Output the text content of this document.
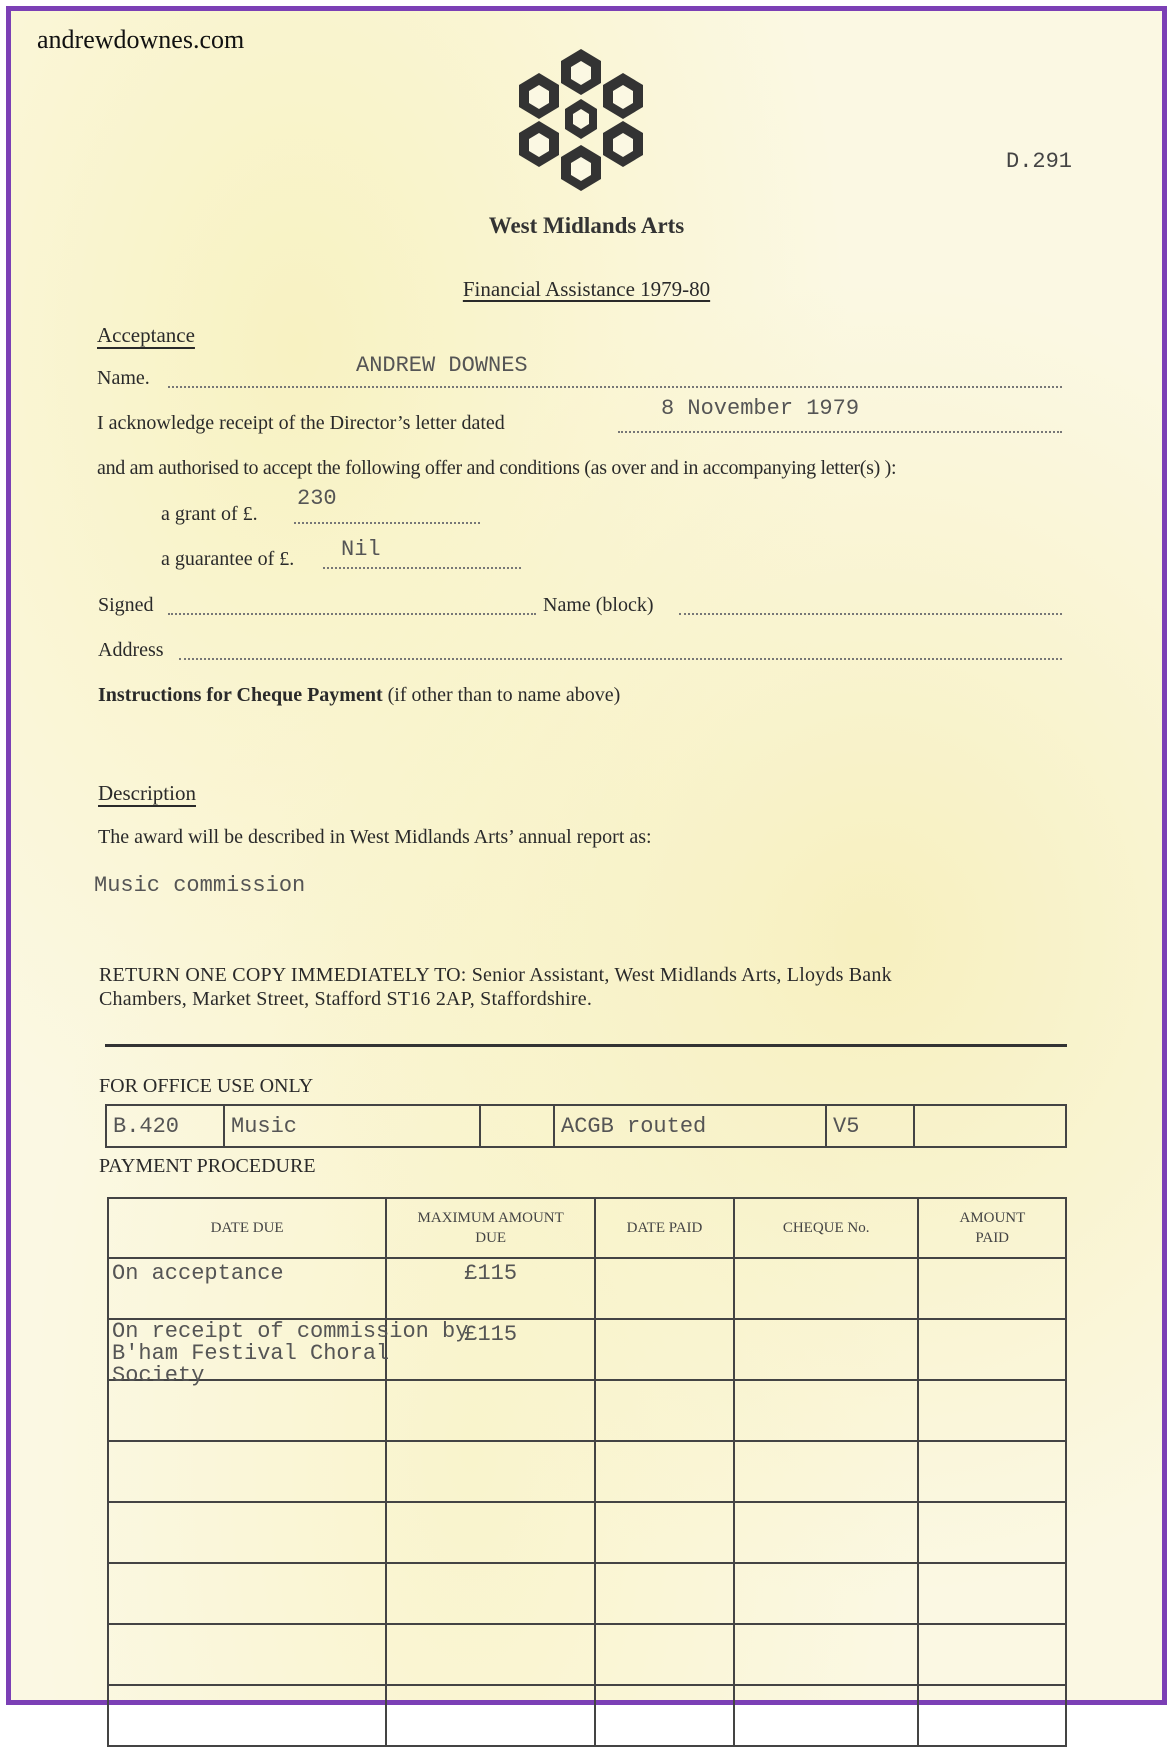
andrewdownes.com
D.291
West Midlands Arts
Financial Assistance 1979-80
Acceptance
Name.	ANDREW DOWNES
I acknowledge receipt of the Director’s letter dated
8 November 1979
and am authorised to accept the following offer and conditions (as over and in accompanying letter(s) ):
a grant of £.
230
a guarantee of £. Nil
Signed	Name (block)
Address
Instructions for Cheque Payment (if other than to name above)
Description
The award will be described in West Midlands Arts’ annual report as:
Music commission
RETURN ONE COPY IMMEDIATELY TO: Senior Assistant, West Midlands Arts, Lloyds Bank
Chambers, Market Street, Stafford ST16 2AP, Staffordshire.
FOR OFFICE USE ONLY
B.420	Music		ACGB routed	V5	
PAYMENT PROCEDURE
DATE DUE	MAXIMUM AMOUNT DUE	DATE PAID	CHEQUE No.	AMOUNT PAID
On acceptance	£115			

On receipt of commission by B'ham Festival Choral Society	£115			
